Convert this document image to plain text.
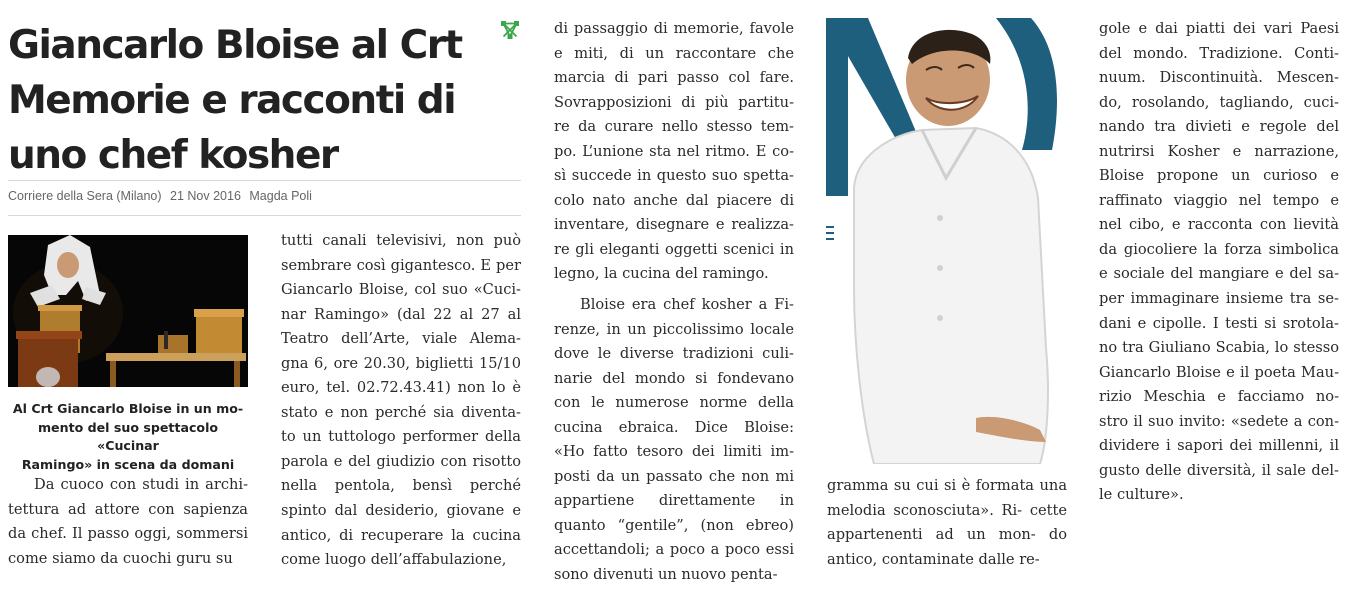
Giancarlo Bloise al Crt
Memorie e racconti di
uno chef kosher
Corriere della Sera (Milano) 21 Nov 2016 Magda Poli
Al Crt Giancarlo Bloise in un mo-
mento del suo spettacolo «Cucinar
Ramingo» in scena da domani

Da cuoco con studi in archi- tettura ad attore con sapienza da chef. Il passo oggi, sommersi come siamo da cuochi guru su

tutti canali televisivi, non può sembrare così gigantesco. E per Giancarlo Bloise, col suo «Cuci- nar Ramingo» (dal 22 al 27 al Teatro dell’Arte, viale Alema- gna 6, ore 20.30, biglietti 15/10 euro, tel. 02.72.43.41) non lo è stato e non perché sia diventa- to un tuttologo performer della parola e del giudizio con risotto nella pentola, bensì perché spinto dal desiderio, giovane e antico, di recuperare la cucina come luogo dell’affabulazione,

di passaggio di memorie, favole e miti, di un raccontare che marcia di pari passo col fare. Sovrapposizioni di più partitu- re da curare nello stesso tem- po. L’unione sta nel ritmo. E co- sì succede in questo suo spetta- colo nato anche dal piacere di inventare, disegnare e realizza- re gli eleganti oggetti scenici in legno, la cucina del ramingo.

Bloise era chef kosher a Fi- renze, in un piccolissimo locale dove le diverse tradizioni culi- narie del mondo si fondevano con le numerose norme della cucina ebraica. Dice Bloise: «Ho fatto tesoro dei limiti im- posti da un passato che non mi appartiene direttamente in quanto “gentile”, (non ebreo) accettandoli; a poco a poco essi sono divenuti un nuovo penta-

gramma su cui si è formata una melodia sconosciuta». Ri- cette appartenenti ad un mon- do antico, contaminate dalle re-

gole e dai piatti dei vari Paesi del mondo. Tradizione. Conti- nuum. Discontinuità. Mescen- do, rosolando, tagliando, cuci- nando tra divieti e regole del nutrirsi Kosher e narrazione, Bloise propone un curioso e raffinato viaggio nel tempo e nel cibo, e racconta con lievità da giocoliere la forza simbolica e sociale del mangiare e del sa- per immaginare insieme tra se- dani e cipolle. I testi si srotola- no tra Giuliano Scabia, lo stesso Giancarlo Bloise e il poeta Mau- rizio Meschia e facciamo no- stro il suo invito: «sedete a con- dividere i sapori dei millenni, il gusto delle diversità, il sale del- le culture».
